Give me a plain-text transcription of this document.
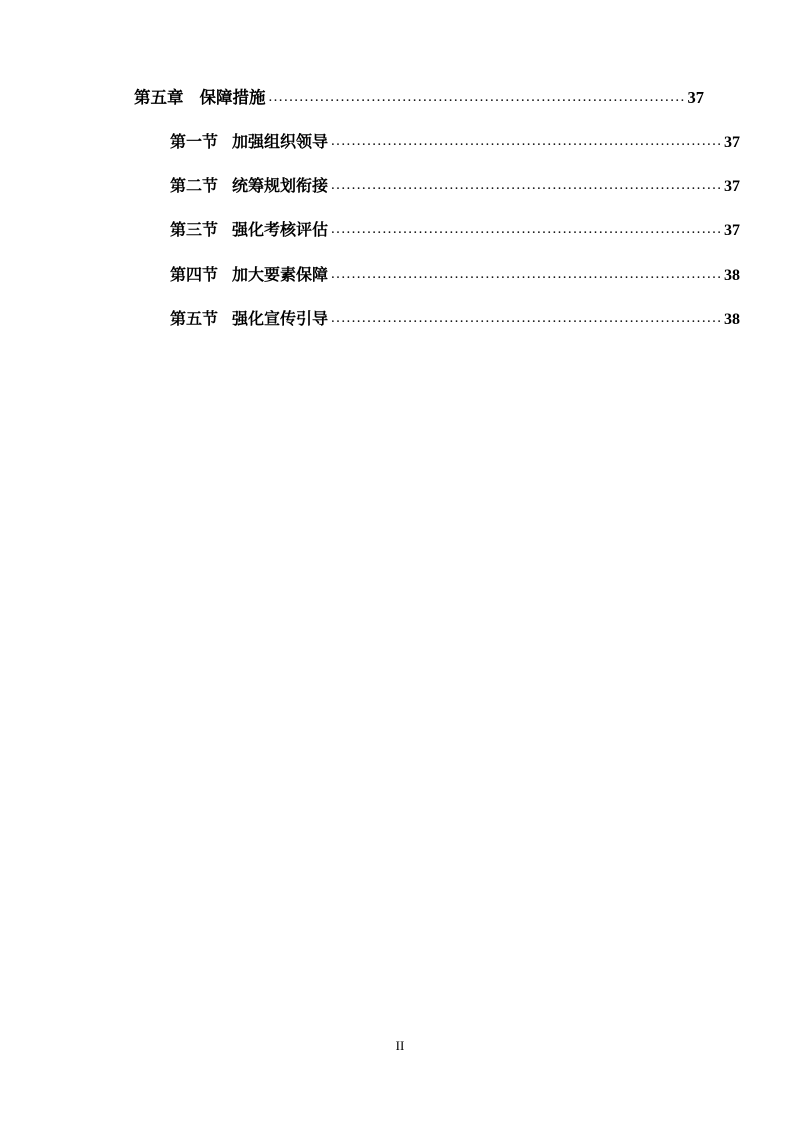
第五章 保障措施 .....	37
第一节 加强组织领导 .....	37
第二节 统筹规划衔接 .....	37
第三节 强化考核评估 .....	37
第四节 加大要素保障 .....	38
第五节 强化宣传引导 .....	38
II
